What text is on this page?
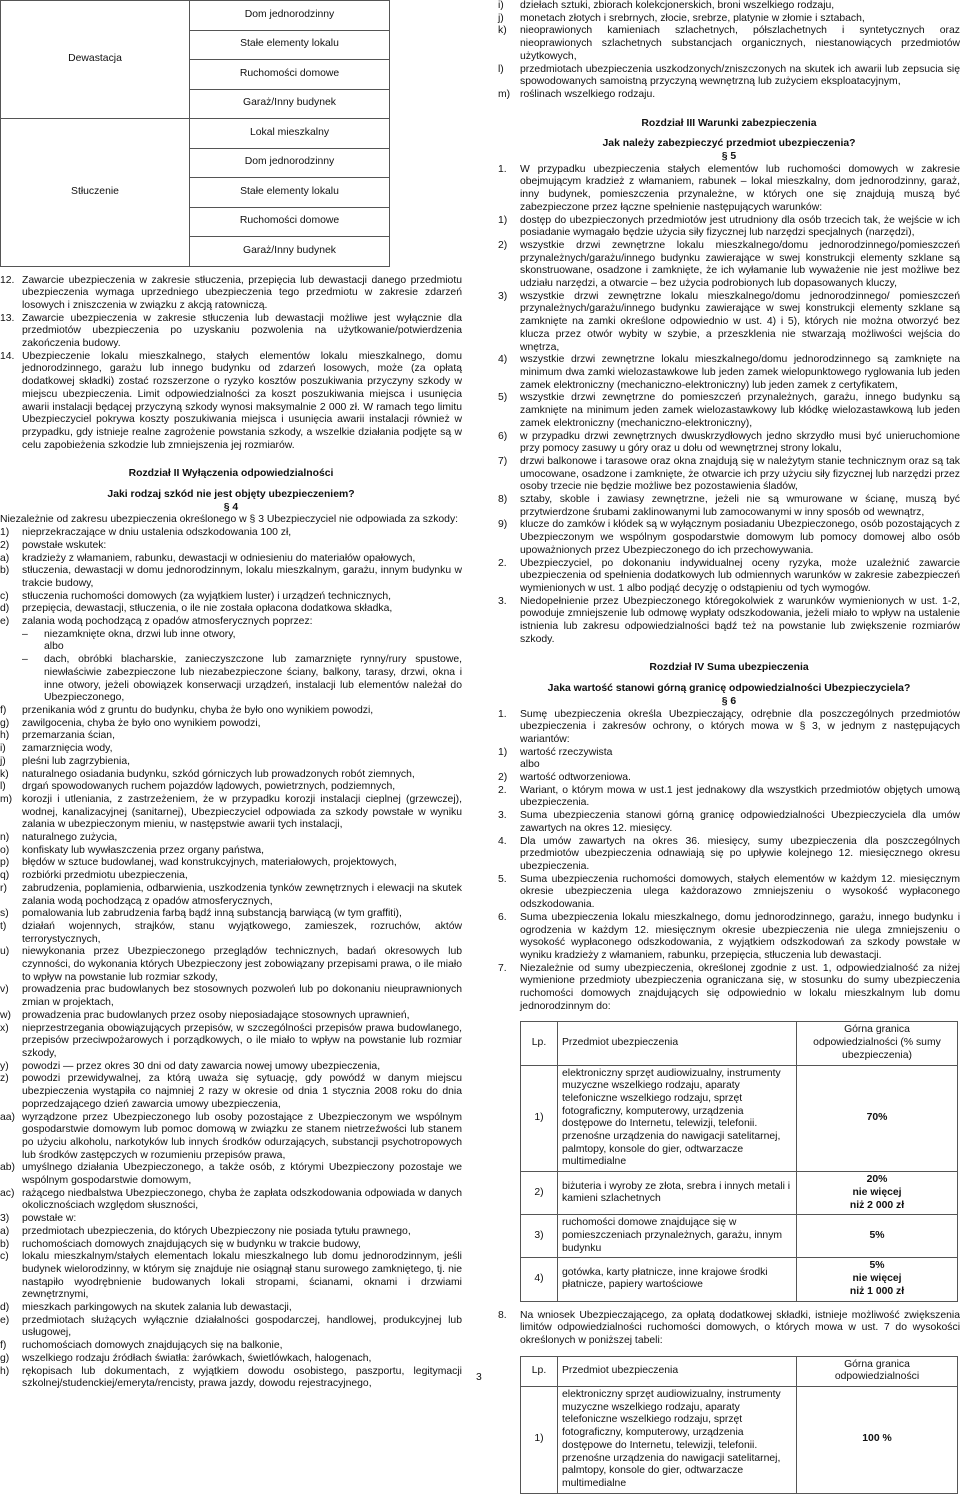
Dewastacja	Dom jednorodzinny
	Stałe elementy lokalu
	Ruchomości domowe
	Garaż/Inny budynek
Stłuczenie	Lokal mieszkalny
	Dom jednorodzinny
	Stałe elementy lokalu
	Ruchomości domowe
	Garaż/Inny budynek
12. Zawarcie ubezpieczenia w zakresie stłuczenia, przepięcia lub dewastacji danego przedmiotu ubezpieczenia wymaga uprzedniego ubezpieczenia tego przedmiotu w zakresie zdarzeń losowych i zniszczenia w związku z akcją ratowniczą.
13. Zawarcie ubezpieczenia w zakresie stłuczenia lub dewastacji możliwe jest wyłącznie dla przedmiotów ubezpieczenia po uzyskaniu pozwolenia na użytkowanie/potwierdzenia zakończenia budowy.
14. Ubezpieczenie lokalu mieszkalnego, stałych elementów lokalu mieszkalnego, domu jednorodzinnego, garażu lub innego budynku od zdarzeń losowych, może (za opłatą dodatkowej składki) zostać rozszerzone o ryzyko kosztów poszukiwania przyczyny szkody w miejscu ubezpieczenia. Limit odpowiedzialności za koszt poszukiwania miejsca i usunięcia awarii instalacji będącej przyczyną szkody wynosi maksymalnie 2 000 zł. W ramach tego limitu Ubezpieczyciel pokrywa koszty poszukiwania miejsca i usunięcia awarii instalacji również w przypadku, gdy istnieje realne zagrożenie powstania szkody, a wszelkie działania podjęte są w celu zapobieżenia szkodzie lub zmniejszenia jej rozmiarów.
Rozdział II Wyłączenia odpowiedzialności
Jaki rodzaj szkód nie jest objęty ubezpieczeniem?
§ 4

Niezależnie od zakresu ubezpieczenia określonego w § 3 Ubezpieczyciel nie odpowiada za szkody:

1)	nieprzekraczające w dniu ustalenia odszkodowania 100 zł,
2)	powstałe wskutek:
a)	kradzieży z włamaniem, rabunku, dewastacji w odniesieniu do materiałów opałowych,
b)	stłuczenia, dewastacji w domu jednorodzinnym, lokalu mieszkalnym, garażu, innym budynku w trakcie budowy,
c)	stłuczenia ruchomości domowych (za wyjątkiem luster) i urządzeń technicznych,
d)	przepięcia, dewastacji, stłuczenia, o ile nie została opłacona dodatkowa składka,
e)	zalania wodą pochodzącą z opadów atmosferycznych poprzez:
–	niezamknięte okna, drzwi lub inne otwory,
albo
–	dach, obróbki blacharskie, zanieczyszczone lub zamarznięte rynny/rury spustowe, niewłaściwie zabezpieczone lub niezabezpieczone ściany, balkony, tarasy, drzwi, okna i inne otwory, jeżeli obowiązek konserwacji urządzeń, instalacji lub elementów należał do Ubezpieczonego,
f)	przenikania wód z gruntu do budynku, chyba że było ono wynikiem powodzi,
g)	zawilgocenia, chyba że było ono wynikiem powodzi,
h)	przemarzania ścian,
i)	zamarznięcia wody,
j)	pleśni lub zagrzybienia,
k)	naturalnego osiadania budynku, szkód górniczych lub prowadzonych robót ziemnych,
l)	drgań spowodowanych ruchem pojazdów lądowych, powietrznych, podziemnych,
m) korozji i utleniania, z zastrzeżeniem, że w przypadku korozji instalacji cieplnej (grzewczej), wodnej, kanalizacyjnej (sanitarnej), Ubezpieczyciel odpowiada za szkody powstałe w wyniku zalania w ubezpieczonym mieniu, w następstwie awarii tych instalacji,
n)	naturalnego zużycia,
o)	konfiskaty lub wywłaszczenia przez organy państwa,
p)	błędów w sztuce budowlanej, wad konstrukcyjnych, materiałowych, projektowych,
q)	rozbiórki przedmiotu ubezpieczenia,
r)	zabrudzenia, poplamienia, odbarwienia, uszkodzenia tynków zewnętrznych i elewacji na skutek zalania wodą pochodzącą z opadów atmosferycznych,
s)	pomalowania lub zabrudzenia farbą bądź inną substancją barwiącą (w tym graffiti),
t)	działań wojennych, strajków, stanu wyjątkowego, zamieszek, rozruchów, aktów terrorystycznych,
u)	niewykonania przez Ubezpieczonego przeglądów technicznych, badań okresowych lub czynności, do wykonania których Ubezpieczony jest zobowiązany przepisami prawa, o ile miało to wpływ na powstanie lub rozmiar szkody,
v)	prowadzenia prac budowlanych bez stosownych pozwoleń lub po dokonaniu nieuprawnionych zmian w projektach,
w)	prowadzenia prac budowlanych przez osoby nieposiadające stosownych uprawnień,
x)	nieprzestrzegania obowiązujących przepisów, w szczególności przepisów prawa budowlanego, przepisów przeciwpożarowych i porządkowych, o ile miało to wpływ na powstanie lub rozmiar szkody,
y)	powodzi — przez okres 30 dni od daty zawarcia nowej umowy ubezpieczenia,
z)	powodzi przewidywalnej, za którą uważa się sytuację, gdy powódź w danym miejscu ubezpieczenia wystąpiła co najmniej 2 razy w okresie od dnia 1 stycznia 2008 roku do dnia poprzedzającego dzień zawarcia umowy ubezpieczenia,
aa) wyrządzone przez Ubezpieczonego lub osoby pozostające z Ubezpieczonym we wspólnym gospodarstwie domowym lub pomoc domową w związku ze stanem nietrzeźwości lub stanem po użyciu alkoholu, narkotyków lub innych środków odurzających, substancji psychotropowych lub środków zastępczych w rozumieniu przepisów prawa,
ab) umyślnego działania Ubezpieczonego, a także osób, z którymi Ubezpieczony pozostaje we wspólnym gospodarstwie domowym,
ac) rażącego niedbalstwa Ubezpieczonego, chyba że zapłata odszkodowania odpowiada w danych okolicznościach względom słuszności,
3)	powstałe w:
a)	przedmiotach ubezpieczenia, do których Ubezpieczony nie posiada tytułu prawnego,
b)	ruchomościach domowych znajdujących się w budynku w trakcie budowy,
c)	lokalu mieszkalnym/stałych elementach lokalu mieszkalnego lub domu jednorodzinnym, jeśli budynek wielorodzinny, w którym się znajduje nie osiągnął stanu surowego zamkniętego, tj. nie nastąpiło wyodrębnienie budowanych lokali stropami, ścianami, oknami i drzwiami zewnętrznymi,
d)	mieszkach parkingowych na skutek zalania lub dewastacji,
e)	przedmiotach służących wyłącznie działalności gospodarczej, handlowej, produkcyjnej lub usługowej,
f)	ruchomościach domowych znajdujących się na balkonie,
g)	wszelkiego rodzaju źródłach światła: żarówkach, świetlówkach, halogenach,
h)	rękopisach lub dokumentach, z wyjątkiem dowodu osobistego, paszportu, legitymacji szkolnej/studenckiej/emeryta/rencisty, prawa jazdy, dowodu rejestracyjnego,
i)	dziełach sztuki, zbiorach kolekcjonerskich, broni wszelkiego rodzaju,
j)	monetach złotych i srebrnych, złocie, srebrze, platynie w złomie i sztabach,
k)	nieoprawionych kamieniach szlachetnych, półszlachetnych i syntetycznych oraz nieoprawionych szlachetnych substancjach organicznych, niestanowiących przedmiotów użytkowych,
l)	przedmiotach ubezpieczenia uszkodzonych/zniszczonych na skutek ich awarii lub zepsucia się spowodowanych samoistną przyczyną wewnętrzną lub zużyciem eksploatacyjnym,
m) roślinach wszelkiego rodzaju.
Rozdział III Warunki zabezpieczenia
Jak należy zabezpieczyć przedmiot ubezpieczenia?
§ 5
1.	W przypadku ubezpieczenia stałych elementów lub ruchomości domowych w zakresie obejmującym kradzież z włamaniem, rabunek – lokal mieszkalny, dom jednorodzinny, garaż, inny budynek, pomieszczenia przynależne, w których one się znajdują muszą być zabezpieczone przez łączne spełnienie następujących warunków:
1)	dostęp do ubezpieczonych przedmiotów jest utrudniony dla osób trzecich tak, że wejście w ich posiadanie wymagało będzie użycia siły fizycznej lub narzędzi specjalnych (narzędzi),
2)	wszystkie drzwi zewnętrzne lokalu mieszkalnego/domu jednorodzinnego/pomieszczeń przynależnych/garażu/innego budynku zawierające w swej konstrukcji elementy szklane są skonstruowane, osadzone i zamknięte, że ich wyłamanie lub wyważenie nie jest możliwe bez udziału narzędzi, a otwarcie – bez użycia podrobionych lub dopasowanych kluczy,
3)	wszystkie drzwi zewnętrzne lokalu mieszkalnego/domu jednorodzinnego/ pomieszczeń przynależnych/garażu/innego budynku zawierające w swej konstrukcji elementy szklane są zamknięte na zamki określone odpowiednio w ust. 4) i 5), których nie można otworzyć bez klucza przez otwór wybity w szybie, a przeszklenia nie stwarzają możliwości wejścia do wnętrza,
4)	wszystkie drzwi zewnętrzne lokalu mieszkalnego/domu jednorodzinnego są zamknięte na minimum dwa zamki wielozastawkowe lub jeden zamek wielopunktowego ryglowania lub jeden zamek elektroniczny (mechaniczno-elektroniczny) lub jeden zamek z certyfikatem,
5)	wszystkie drzwi zewnętrzne do pomieszczeń przynależnych, garażu, innego budynku są zamknięte na minimum jeden zamek wielozastawkowy lub kłódkę wielozastawkową lub jeden zamek elektroniczny (mechaniczno-elektroniczny),
6)	w przypadku drzwi zewnętrznych dwuskrzydłowych jedno skrzydło musi być unieruchomione przy pomocy zasuwy u góry oraz u dołu od wewnętrznej strony lokalu,
7)	drzwi balkonowe i tarasowe oraz okna znajdują się w należytym stanie technicznym oraz są tak umocowane, osadzone i zamknięte, że otwarcie ich przy użyciu siły fizycznej lub narzędzi przez osoby trzecie nie będzie możliwe bez pozostawienia śladów,
8)	sztaby, skoble i zawiasy zewnętrzne, jeżeli nie są wmurowane w ścianę, muszą być przytwierdzone śrubami zaklinowanymi lub zamocowanymi w inny sposób od wewnątrz,
9)	klucze do zamków i kłódek są w wyłącznym posiadaniu Ubezpieczonego, osób pozostających z Ubezpieczonym we wspólnym gospodarstwie domowym lub pomocy domowej albo osób upoważnionych przez Ubezpieczonego do ich przechowywania.
2.	Ubezpieczyciel, po dokonaniu indywidualnej oceny ryzyka, może uzależnić zawarcie ubezpieczenia od spełnienia dodatkowych lub odmiennych warunków w zakresie zabezpieczeń wymienionych w ust. 1 albo podjąć decyzję o odstąpieniu od tych wymogów.
3.	Niedopełnienie przez Ubezpieczonego któregokolwiek z warunków wymienionych w ust. 1-2, powoduje zmniejszenie lub odmowę wypłaty odszkodowania, jeżeli miało to wpływ na ustalenie istnienia lub zakresu odpowiedzialności bądź też na powstanie lub zwiększenie rozmiarów szkody.
Rozdział IV Suma ubezpieczenia
Jaka wartość stanowi górną granicę odpowiedzialności Ubezpieczyciela?
§ 6
1.	Sumę ubezpieczenia określa Ubezpieczający, odrębnie dla poszczególnych przedmiotów ubezpieczenia i zakresów ochrony, o których mowa w § 3, w jednym z następujących wariantów:
1)	wartość rzeczywista
albo
2)	wartość odtworzeniowa.
2.	Wariant, o którym mowa w ust.1 jest jednakowy dla wszystkich przedmiotów objętych umową ubezpieczenia.
3.	Suma ubezpieczenia stanowi górną granicę odpowiedzialności Ubezpieczyciela dla umów zawartych na okres 12. miesięcy.
4.	Dla umów zawartych na okres 36. miesięcy, sumy ubezpieczenia dla poszczególnych przedmiotów ubezpieczenia odnawiają się po upływie kolejnego 12. miesięcznego okresu ubezpieczenia.
5.	Suma ubezpieczenia ruchomości domowych, stałych elementów w każdym 12. miesięcznym okresie ubezpieczenia ulega każdorazowo zmniejszeniu o wysokość wypłaconego odszkodowania.
6.	Suma ubezpieczenia lokalu mieszkalnego, domu jednorodzinnego, garażu, innego budynku i ogrodzenia w każdym 12. miesięcznym okresie ubezpieczenia nie ulega zmniejszeniu o wysokość wypłaconego odszkodowania, z wyjątkiem odszkodowań za szkody powstałe w wyniku kradzieży z włamaniem, rabunku, przepięcia, stłuczenia lub dewastacji.
7.	Niezależnie od sumy ubezpieczenia, określonej zgodnie z ust. 1, odpowiedzialność za niżej wymienione przedmioty ubezpieczenia ograniczana się, w stosunku do sumy ubezpieczenia ruchomości domowych znajdujących się odpowiednio w lokalu mieszkalnym lub domu jednorodzinnym do:
Lp.	Przedmiot ubezpieczenia	Górna granica odpowiedzialności (% sumy ubezpieczenia)
1)	elektroniczny sprzęt audiowizualny, instrumenty muzyczne wszelkiego rodzaju, aparaty telefoniczne wszelkiego rodzaju, sprzęt fotograficzny, komputerowy, urządzenia dostępowe do Internetu, telewizji, telefonii. przenośne urządzenia do nawigacji satelitarnej, palmtopy, konsole do gier, odtwarzacze multimedialne	70%

2)	biżuteria i wyroby ze złota, srebra i innych metali i kamieni szlachetnych	20%
nie więcej
niż 2 000 zł

3)	ruchomości domowe znajdujące się w pomieszczeniach przynależnych, garażu, innym budynku	5%

4)	gotówka, karty płatnicze, inne krajowe środki płatnicze, papiery wartościowe	5%
nie więcej
niż 1 000 zł
8.	Na wniosek Ubezpieczającego, za opłatą dodatkowej składki, istnieje możliwość zwiększenia limitów odpowiedzialności ruchomości domowych, o których mowa w ust. 7 do wysokości określonych w poniższej tabeli:
Lp.	Przedmiot ubezpieczenia	Górna granica odpowiedzialności
1)	elektroniczny sprzęt audiowizualny, instrumenty muzyczne wszelkiego rodzaju, aparaty telefoniczne wszelkiego rodzaju, sprzęt fotograficzny, komputerowy, urządzenia dostępowe do Internetu, telewizji, telefonii. przenośne urządzenia do nawigacji satelitarnej, palmtopy, konsole do gier, odtwarzacze multimedialne	100 %
3
